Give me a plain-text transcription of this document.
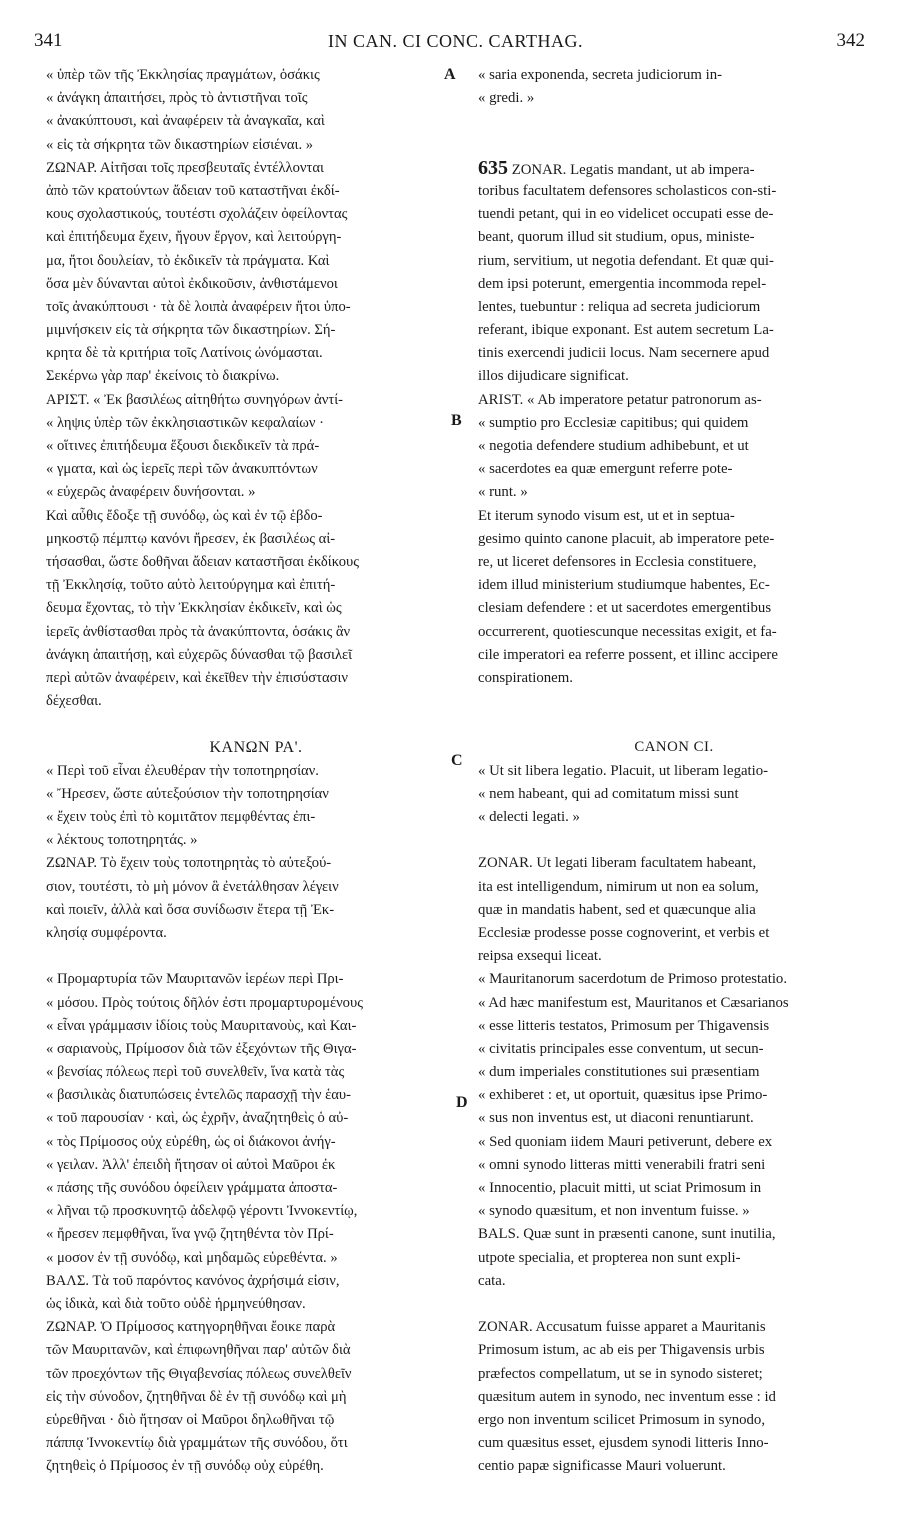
341	IN CAN. CI CONC. CARTHAG.	342
« ὑπὲρ τῶν τῆς Ἐκκλησίας πραγμάτων, ὁσάκις
« ἀνάγκη ἀπαιτήσει, πρὸς τὸ ἀντιστῆναι τοῖς
« ἀνακύπτουσι, καὶ ἀναφέρειν τὰ ἀναγκαῖα, καὶ
« εἰς τὰ σήκρητα τῶν δικαστηρίων εἰσιέναι. »
ΖΩΝΑΡ. Αἰτῆσαι τοῖς πρεσβευταῖς ἐντέλλονται
ἀπὸ τῶν κρατούντων ἄδειαν τοῦ καταστῆναι ἐκδί-
κους σχολαστικούς, τουτέστι σχολάζειν ὀφείλοντας
καὶ ἐπιτήδευμα ἔχειν, ἤγουν ἔργον, καὶ λειτούργη-
μα, ἤτοι δουλείαν, τὸ ἐκδικεῖν τὰ πράγματα. Καὶ
ὅσα μὲν δύνανται αὐτοὶ ἐκδικοῦσιν, ἀνθιστάμενοι
τοῖς ἀνακύπτουσι · τὰ δὲ λοιπὰ ἀναφέρειν ἤτοι ὑπο-
μιμνήσκειν εἰς τὰ σήκρητα τῶν δικαστηρίων. Σή-
κρητα δὲ τὰ κριτήρια τοῖς Λατίνοις ὠνόμασται.
Σεκέρνω γὰρ παρ' ἐκείνοις τὸ διακρίνω.
ΑΡΙΣΤ. « Ἐκ βασιλέως αἰτηθήτω συνηγόρων ἀντί-
« ληψις ὑπὲρ τῶν ἐκκλησιαστικῶν κεφαλαίων ·
« οἵτινες ἐπιτήδευμα ἕξουσι διεκδικεῖν τὰ πρά-
« γματα, καὶ ὡς ἱερεῖς περὶ τῶν ἀνακυπτόντων
« εὐχερῶς ἀναφέρειν δυνήσονται. »
Καὶ αὖθις ἔδοξε τῇ συνόδῳ, ὡς καὶ ἐν τῷ ἑβδο-
μηκοστῷ πέμπτῳ κανόνι ἤρεσεν, ἐκ βασιλέως αἰ-
τήσασθαι, ὥστε δοθῆναι ἄδειαν καταστῆσαι ἐκδίκους
τῇ Ἐκκλησίᾳ, τοῦτο αὐτὸ λειτούργημα καὶ ἐπιτή-
δευμα ἔχοντας, τὸ τὴν Ἐκκλησίαν ἐκδικεῖν, καὶ ὡς
ἱερεῖς ἀνθίστασθαι πρὸς τὰ ἀνακύπτοντα, ὁσάκις ἂν
ἀνάγκη ἀπαιτήσῃ, καὶ εὐχερῶς δύνασθαι τῷ βασιλεῖ
περὶ αὐτῶν ἀναφέρειν, καὶ ἐκεῖθεν τὴν ἐπισύστασιν
δέχεσθαι.
ΚΑΝΩΝ ΡΑ'.
« Περὶ τοῦ εἶναι ἐλευθέραν τὴν τοποτηρησίαν.
« Ἤρεσεν, ὥστε αὐτεξούσιον τὴν τοποτηρησίαν
« ἔχειν τοὺς ἐπὶ τὸ κομιτᾶτον πεμφθέντας ἐπι-
« λέκτους τοποτηρητάς. »
ΖΩΝΑΡ. Τὸ ἔχειν τοὺς τοποτηρητὰς τὸ αὐτεξού-
σιον, τουτέστι, τὸ μὴ μόνον ἃ ἐνετάλθησαν λέγειν
καὶ ποιεῖν, ἀλλὰ καὶ ὅσα συνίδωσιν ἕτερα τῇ Ἐκ-
κλησίᾳ συμφέροντα.
« Προμαρτυρία τῶν Μαυριτανῶν ἱερέων περὶ Πρι-
« μόσου. Πρὸς τούτοις δῆλόν ἐστι προμαρτυρομένους
« εἶναι γράμμασιν ἰδίοις τοὺς Μαυριτανοὺς, καὶ Και-
« σαριανοὺς, Πρίμοσον διὰ τῶν ἐξεχόντων τῆς Θιγα-
« βενσίας πόλεως περὶ τοῦ συνελθεῖν, ἵνα κατὰ τὰς
« βασιλικὰς διατυπώσεις ἐντελῶς παρασχῇ τὴν ἑαυ-
« τοῦ παρουσίαν · καὶ, ὡς ἐχρῆν, ἀναζητηθεὶς ὁ αὐ-
« τὸς Πρίμοσος οὐχ εὑρέθη, ὡς οἱ διάκονοι ἀνήγ-
« γειλαν. Ἀλλ' ἐπειδὴ ἤτησαν οἱ αὐτοὶ Μαῦροι ἐκ
« πάσης τῆς συνόδου ὀφείλειν γράμματα ἀποστα-
« λῆναι τῷ προσκυνητῷ ἀδελφῷ γέροντι Ἰννοκεντίῳ,
« ἤρεσεν πεμφθῆναι, ἵνα γνῷ ζητηθέντα τὸν Πρί-
« μοσον ἐν τῇ συνόδῳ, καὶ μηδαμῶς εὑρεθέντα. »
ΒΑΛΣ. Τὰ τοῦ παρόντος κανόνος ἀχρήσιμά εἰσιν,
ὡς ἰδικὰ, καὶ διὰ τοῦτο οὐδὲ ἡρμηνεύθησαν.
ΖΩΝΑΡ. Ὁ Πρίμοσος κατηγορηθῆναι ἔοικε παρὰ
τῶν Μαυριτανῶν, καὶ ἐπιφωνηθῆναι παρ' αὐτῶν διὰ
τῶν προεχόντων τῆς Θιγαβενσίας πόλεως συνελθεῖν
εἰς τὴν σύνοδον, ζητηθῆναι δὲ ἐν τῇ συνόδῳ καὶ μὴ
εὑρεθῆναι · διὸ ἤτησαν οἱ Μαῦροι δηλωθῆναι τῷ
πάππᾳ Ἰννοκεντίῳ διὰ γραμμάτων τῆς συνόδου, ὅτι
ζητηθεὶς ὁ Πρίμοσος ἐν τῇ συνόδῳ οὐχ εὑρέθη.
« saria exponenda, secreta judiciorum in-
« gredi. »
635 ZONAR. Legatis mandant, ut ab impera-
toribus facultatem defensores scholasticos con-sti-
tuendi petant, qui in eo videlicet occupati esse de-
beant, quorum illud sit studium, opus, ministe-
rium, servitium, ut negotia defendant. Et quæ qui-
dem ipsi poterunt, emergentia incommoda repel-
lentes, tuebuntur : reliqua ad secreta judiciorum
referant, ibique exponant. Est autem secretum La-
tinis exercendi judicii locus. Nam secernere apud
illos dijudicare significat.
ARIST. « Ab imperatore petatur patronorum as-
« sumptio pro Ecclesiæ capitibus; qui quidem
« negotia defendere studium adhibebunt, et ut
« sacerdotes ea quæ emergunt referre pote-
« runt. »
Et iterum synodo visum est, ut et in septua-
gesimo quinto canone placuit, ab imperatore pete-
re, ut liceret defensores in Ecclesia constituere,
idem illud ministerium studiumque habentes, Ec-
clesiam defendere : et ut sacerdotes emergentibus
occurrerent, quotiescunque necessitas exigit, et fa-
cile imperatori ea referre possent, et illinc accipere
conspirationem.
CANON CI.
« Ut sit libera legatio. Placuit, ut liberam legatio-
« nem habeant, qui ad comitatum missi sunt
« delecti legati. »
ZONAR. Ut legati liberam facultatem habeant,
ita est intelligendum, nimirum ut non ea solum,
quæ in mandatis habent, sed et quæcunque alia
Ecclesiæ prodesse posse cognoverint, et verbis et
reipsa exsequi liceat.
« Mauritanorum sacerdotum de Primoso protestatio.
« Ad hæc manifestum est, Mauritanos et Cæsarianos
« esse litteris testatos, Primosum per Thigavensis
« civitatis principales esse conventum, ut secun-
« dum imperiales constitutiones sui præsentiam
« exhiberet : et, ut oportuit, quæsitus ipse Primo-
« sus non inventus est, ut diaconi renuntiarunt.
« Sed quoniam iidem Mauri petiverunt, debere ex
« omni synodo litteras mitti venerabili fratri seni
« Innocentio, placuit mitti, ut sciat Primosum in
« synodo quæsitum, et non inventum fuisse. »
BALS. Quæ sunt in præsenti canone, sunt inutilia,
utpote specialia, et propterea non sunt expli-
cata.
ZONAR. Accusatum fuisse apparet a Mauritanis
Primosum istum, ac ab eis per Thigavensis urbis
præfectos compellatum, ut se in synodo sisteret;
quæsitum autem in synodo, nec inventum esse : id
ergo non inventum scilicet Primosum in synodo,
cum quæsitus esset, ejusdem synodi litteris Inno-
centio papæ significasse Mauri voluerunt.
A
B
C
D
